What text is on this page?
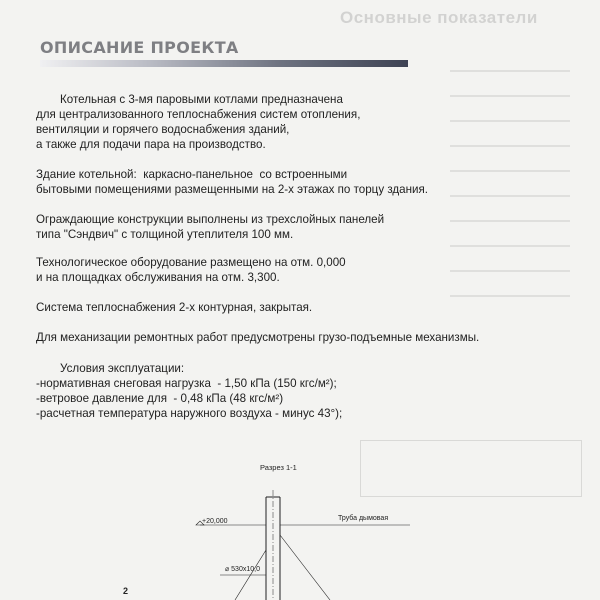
Основные показатели
ОПИСАНИЕ ПРОЕКТА

Котельная с 3-мя паровыми котлами предназначена

для централизованного теплоснабжения систем отопления,

вентиляции и горячего водоснабжения зданий,

а также для подачи пара на производство.

Здание котельной:  каркасно-панельное  со встроенными

бытовыми помещениями размещенными на 2-х этажах по торцу здания.

Ограждающие конструкции выполнены из трехслойных панелей

типа "Сэндвич" с толщиной утеплителя 100 мм.

Технологическое оборудование размещено на отм. 0,000

и на площадках обслуживания на отм. 3,300.

Система теплоснабжения 2-х контурная, закрытая.

Для механизации ремонтных работ предусмотрены грузо-подъемные механизмы.

Условия эксплуатации:

-нормативная снеговая нагрузка  - 1,50 кПа (150 кгс/м²);

-ветровое давление для  - 0,48 кПа (48 кгс/м²)

-расчетная температура наружного воздуха - минус 43°);

Разрез 1-1
+20,000	Труба дымовая
⌀ 530x10,0
2
